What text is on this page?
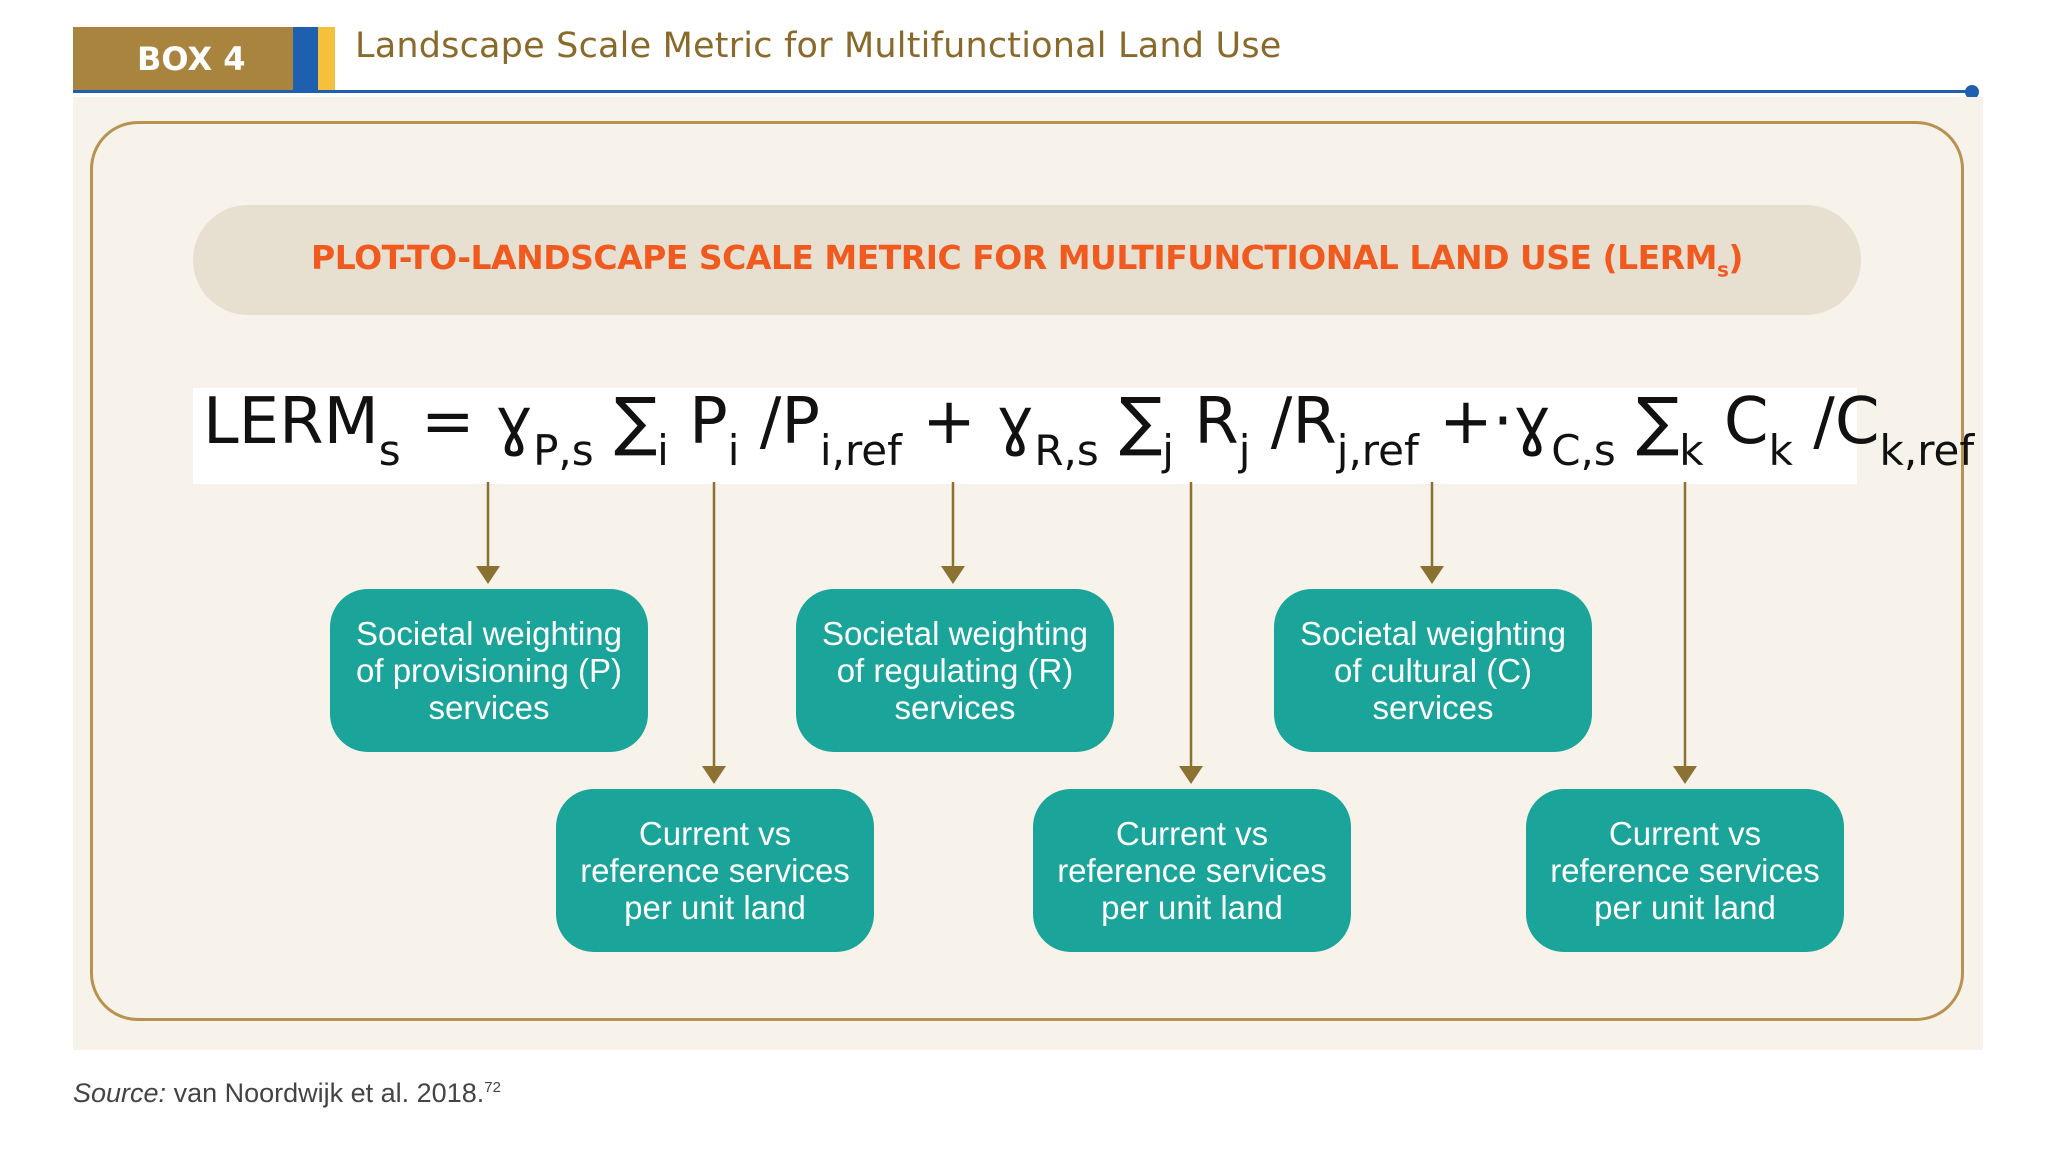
BOX 4	Landscape Scale Metric for Multifunctional Land Use
PLOT-TO-LANDSCAPE SCALE METRIC FOR MULTIFUNCTIONAL LAND USE $(LERM_s)$
$LERM_s$ = ɣ$_{P,s}$ $\sum_i$ $P_i$ $/P_{i,ref}$ + ɣ$_{R,s}$ $\sum_j$ $R_j$ $/R_{j,ref}$ +·ɣ$_{C,s}$ $\sum_k$ $C_k$ $/C_{k,ref}$
Societal weighting of provisioning (P) services
Societal weighting of regulating (R) services
Societal weighting of cultural (C) services
Current vs reference services per unit land
Current vs reference services per unit land
Current vs reference services per unit land
Source: van Noordwijk et al. 2018.72
